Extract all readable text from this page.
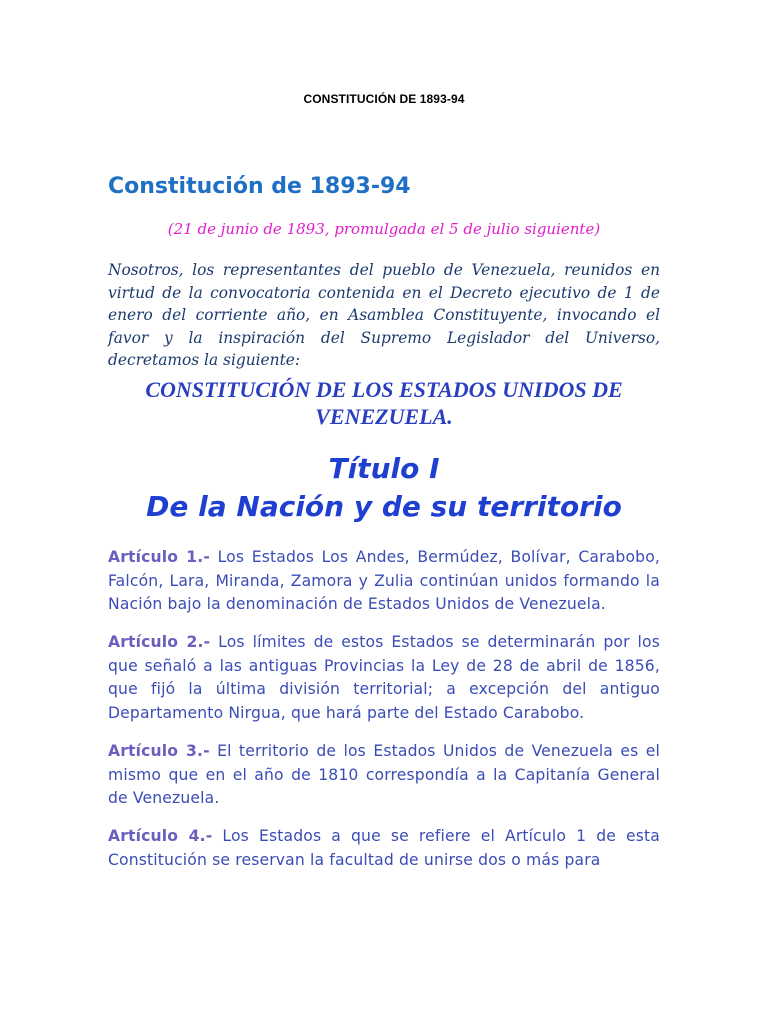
CONSTITUCIÓN DE 1893-94
Constitución de 1893-94
(21 de junio de 1893, promulgada el 5 de julio siguiente)

Nosotros, los representantes del pueblo de Venezuela, reunidos en virtud de la convocatoria contenida en el Decreto ejecutivo de 1 de enero del corriente año, en Asamblea Constituyente, invocando el favor y la inspiración del Supremo Legislador del Universo, decretamos la siguiente:

CONSTITUCIÓN DE LOS ESTADOS UNIDOS DE
VENEZUELA.
Título I
De la Nación y de su territorio

Artículo 1.- Los Estados Los Andes, Bermúdez, Bolívar, Carabobo, Falcón, Lara, Miranda, Zamora y Zulia continúan unidos formando la Nación bajo la denominación de Estados Unidos de Venezuela.

Artículo 2.- Los límites de estos Estados se determinarán por los que señaló a las antiguas Provincias la Ley de 28 de abril de 1856, que fijó la última división territorial; a excepción del antiguo Departamento Nirgua, que hará parte del Estado Carabobo.

Artículo 3.- El territorio de los Estados Unidos de Venezuela es el mismo que en el año de 1810 correspondía a la Capitanía General de Venezuela.

Artículo 4.- Los Estados a que se refiere el Artículo 1 de esta Constitución se reservan la facultad de unirse dos o más para
